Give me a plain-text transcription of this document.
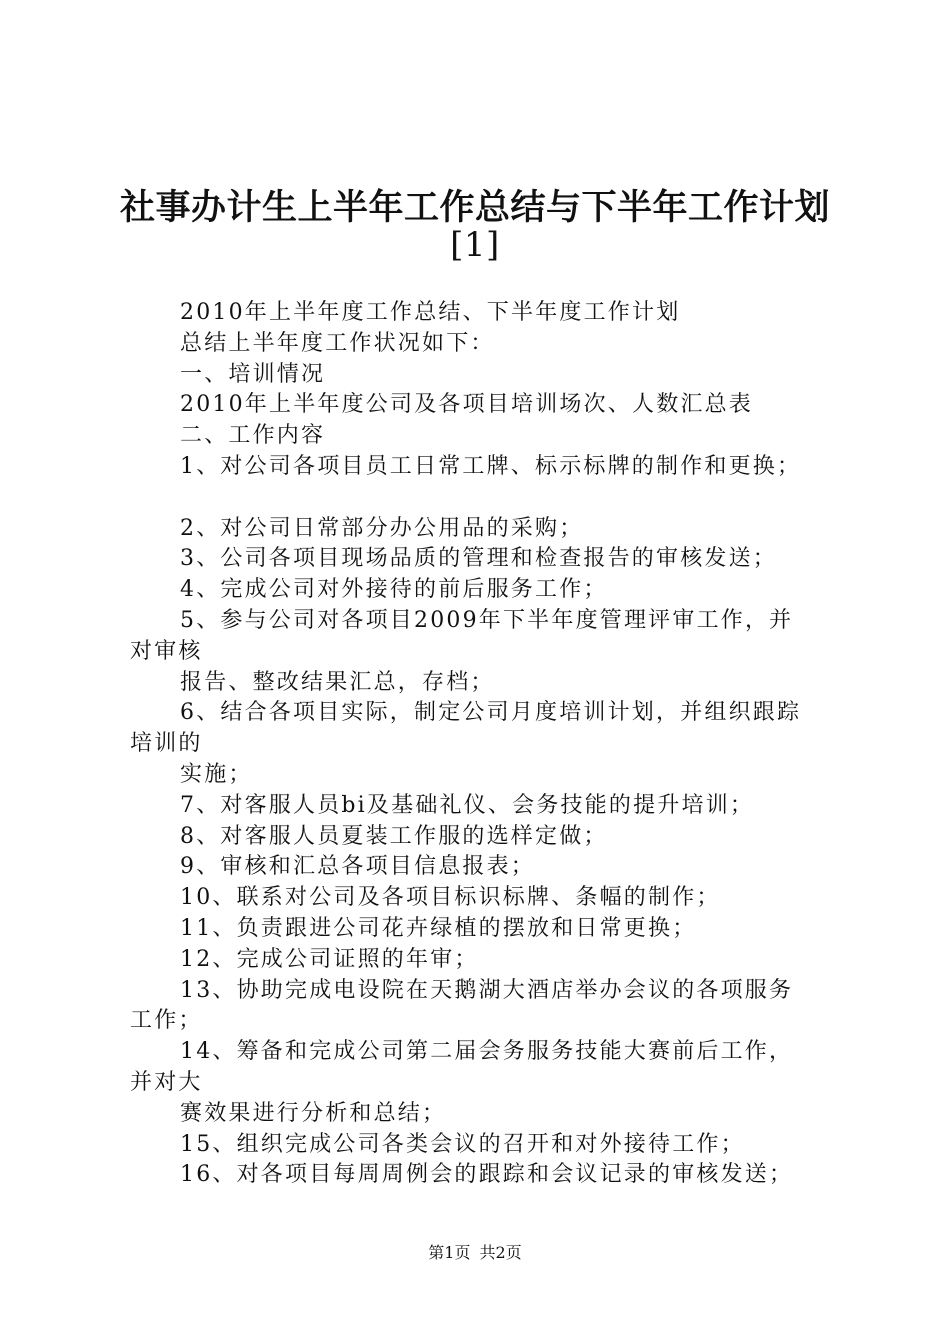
社事办计生上半年工作总结与下半年工作计划
[1]
2010年上半年度工作总结、下半年度工作计划
总结上半年度工作状况如下：
一、培训情况
2010年上半年度公司及各项目培训场次、人数汇总表
二、工作内容
1、对公司各项目员工日常工牌、标示标牌的制作和更换；
2、对公司日常部分办公用品的采购；
3、公司各项目现场品质的管理和检查报告的审核发送；
4、完成公司对外接待的前后服务工作；
5、参与公司对各项目2009年下半年度管理评审工作，并
对审核
报告、整改结果汇总，存档；
6、结合各项目实际，制定公司月度培训计划，并组织跟踪
培训的
实施；
7、对客服人员bi及基础礼仪、会务技能的提升培训；
8、对客服人员夏装工作服的选样定做；
9、审核和汇总各项目信息报表；
10、联系对公司及各项目标识标牌、条幅的制作；
11、负责跟进公司花卉绿植的摆放和日常更换；
12、完成公司证照的年审；
13、协助完成电设院在天鹅湖大酒店举办会议的各项服务
工作；
14、筹备和完成公司第二届会务服务技能大赛前后工作，
并对大
赛效果进行分析和总结；
15、组织完成公司各类会议的召开和对外接待工作；
16、对各项目每周周例会的跟踪和会议记录的审核发送；
第1页 共2页
